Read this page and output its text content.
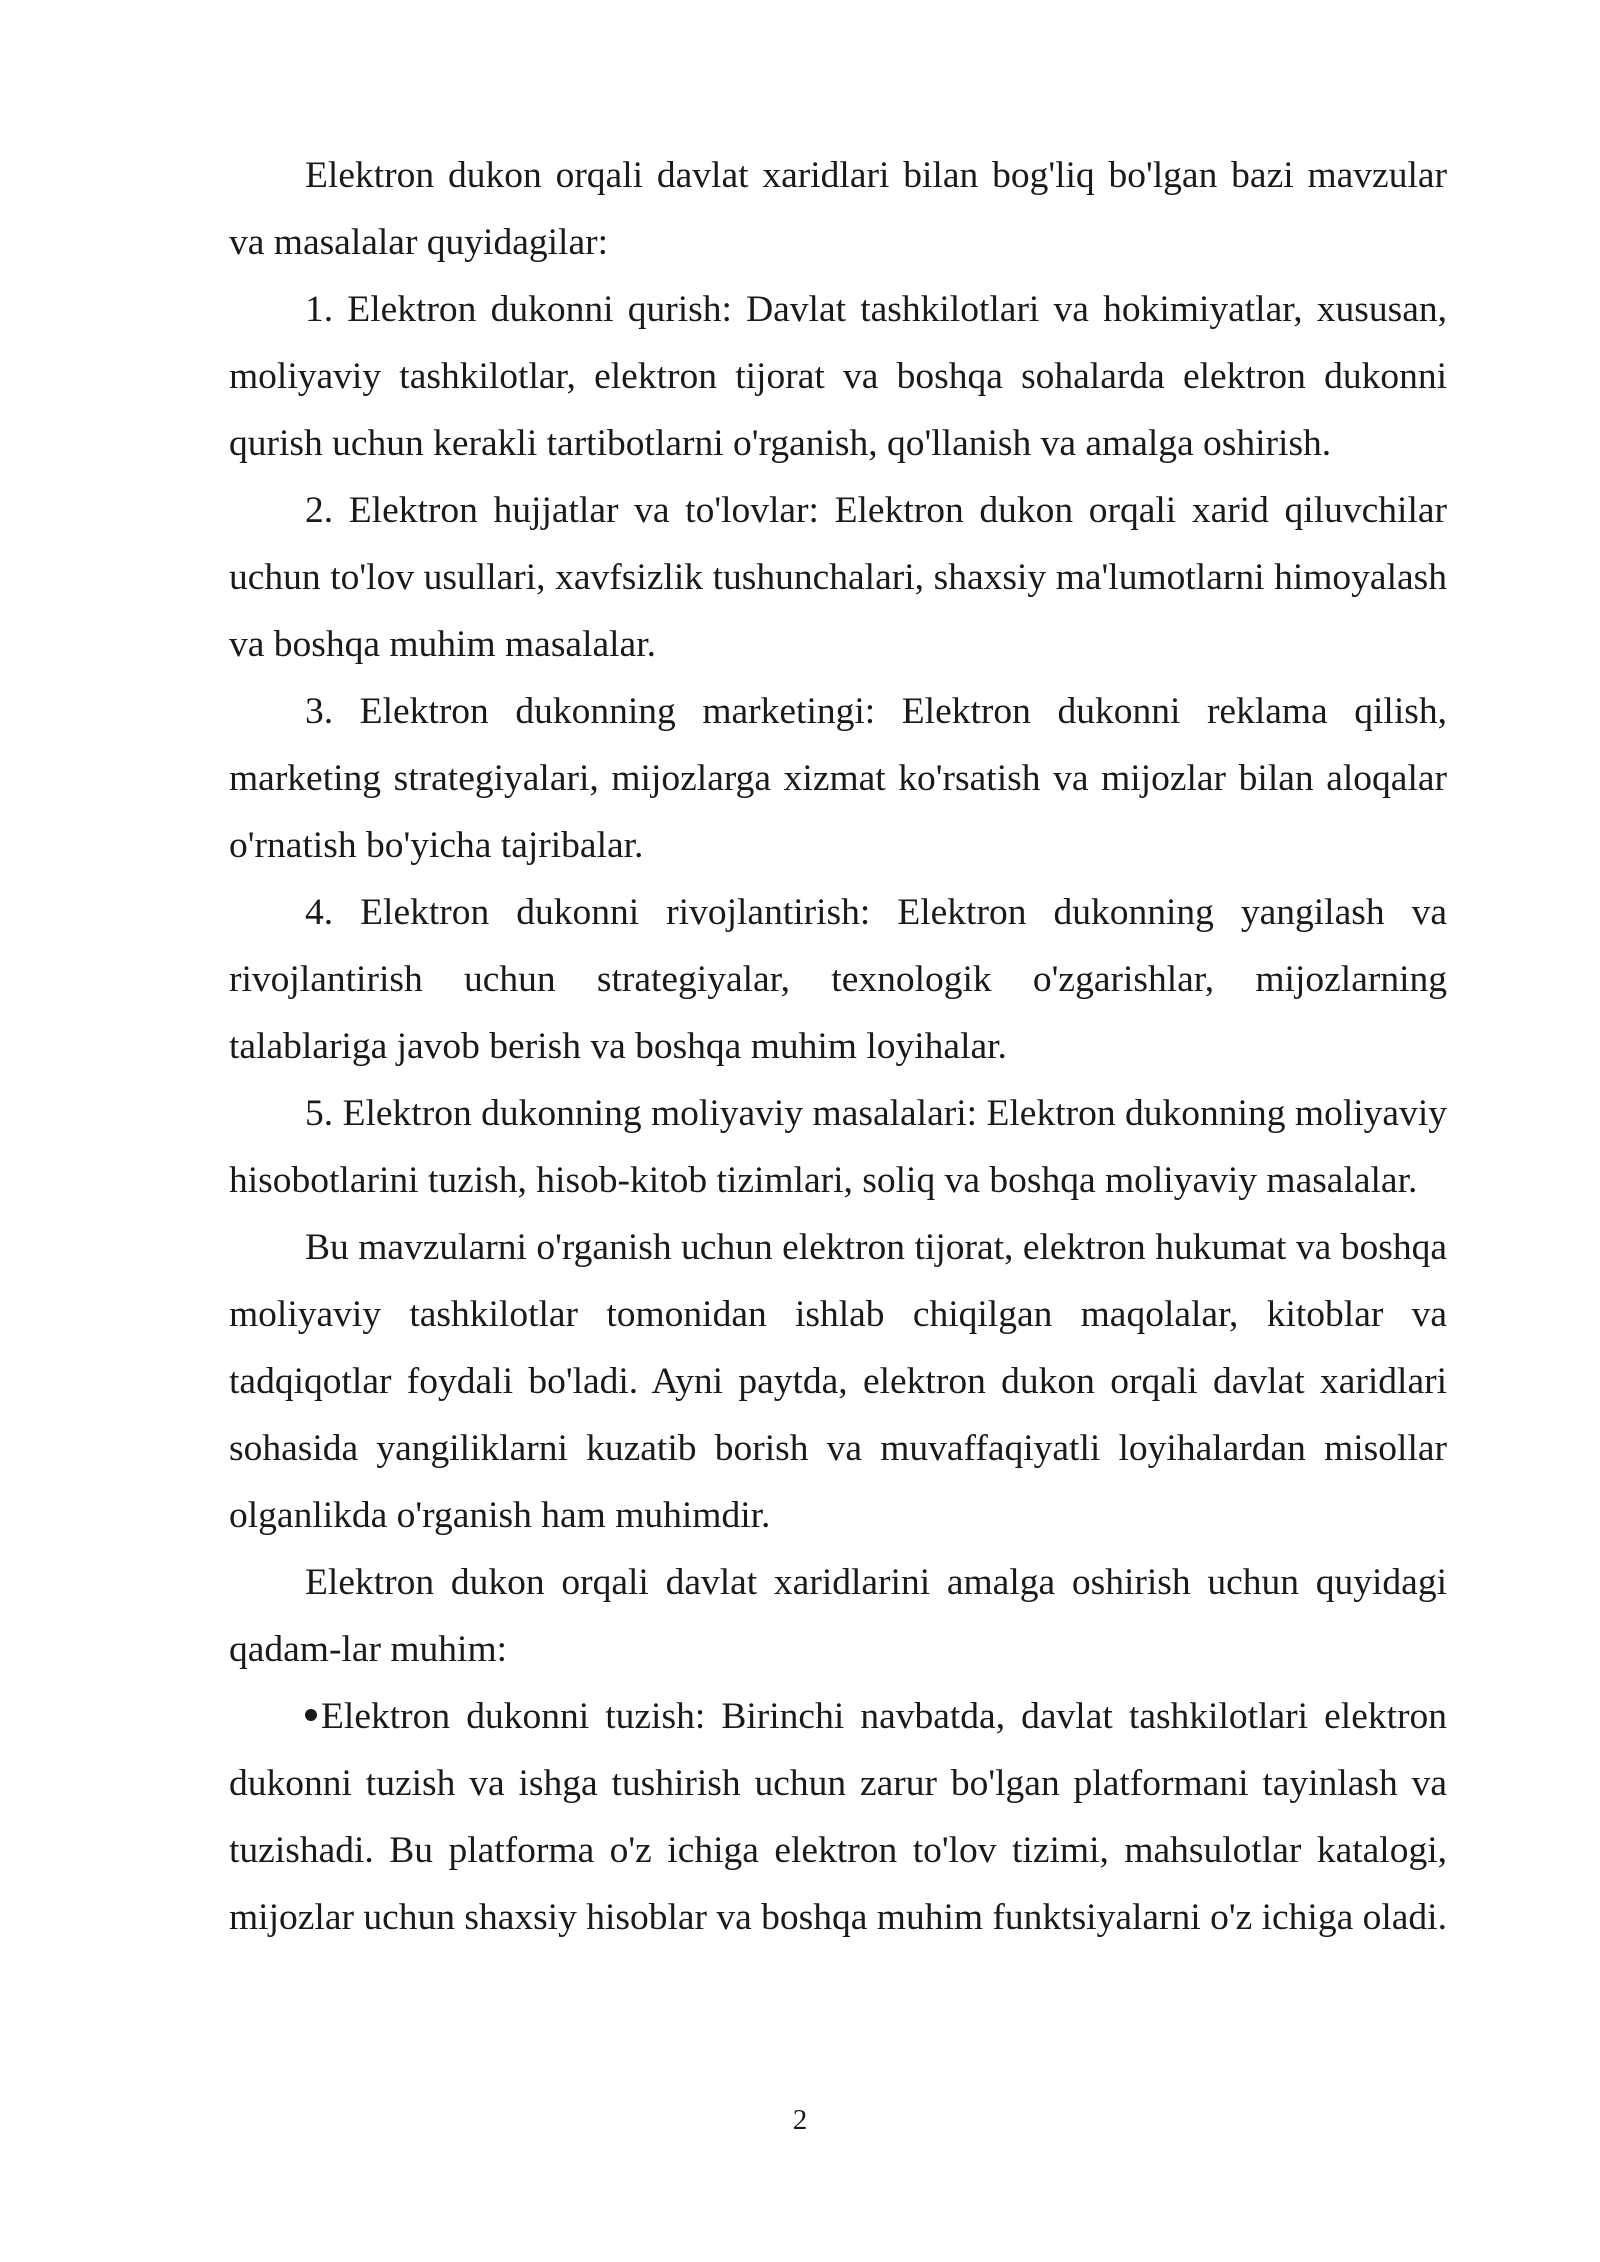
Elektron dukon orqali davlat xaridlari bilan bog'liq bo'lgan bazi mavzular va masalalar quyidagilar:

1. Elektron dukonni qurish: Davlat tashkilotlari va hokimiyatlar, xususan, moliyaviy tashkilotlar, elektron tijorat va boshqa sohalarda elektron dukonni qurish uchun kerakli tartibotlarni o'rganish, qo'llanish va amalga oshirish.

2. Elektron hujjatlar va to'lovlar: Elektron dukon orqali xarid qiluvchilar uchun to'lov usullari, xavfsizlik tushunchalari, shaxsiy ma'lumotlarni himoyalash va boshqa muhim masalalar.

3. Elektron dukonning marketingi: Elektron dukonni reklama qilish, marketing strategiyalari, mijozlarga xizmat ko'rsatish va mijozlar bilan aloqalar o'rnatish bo'yicha tajribalar.

4. Elektron dukonni rivojlantirish: Elektron dukonning yangilash va rivojlantirish uchun strategiyalar, texnologik o'zgarishlar, mijozlarning talablariga javob berish va boshqa muhim loyihalar.

5. Elektron dukonning moliyaviy masalalari: Elektron dukonning moliyaviy hisobotlarini tuzish, hisob-kitob tizimlari, soliq va boshqa moliyaviy masalalar.

Bu mavzularni o'rganish uchun elektron tijorat, elektron hukumat va boshqa moliyaviy tashkilotlar tomonidan ishlab chiqilgan maqolalar, kitoblar va tadqiqotlar foydali bo'ladi. Ayni paytda, elektron dukon orqali davlat xaridlari sohasida yangiliklarni kuzatib borish va muvaffaqiyatli loyihalardan misollar olganlikda o'rganish ham muhimdir.

Elektron dukon orqali davlat xaridlarini amalga oshirish uchun quyidagi qadam-lar muhim:

Elektron dukonni tuzish: Birinchi navbatda, davlat tashkilotlari elektron dukonni tuzish va ishga tushirish uchun zarur bo'lgan platformani tayinlash va tuzishadi. Bu platforma o'z ichiga elektron to'lov tizimi, mahsulotlar katalogi, mijozlar uchun shaxsiy hisoblar va boshqa muhim funktsiyalarni o'z ichiga oladi.

2
